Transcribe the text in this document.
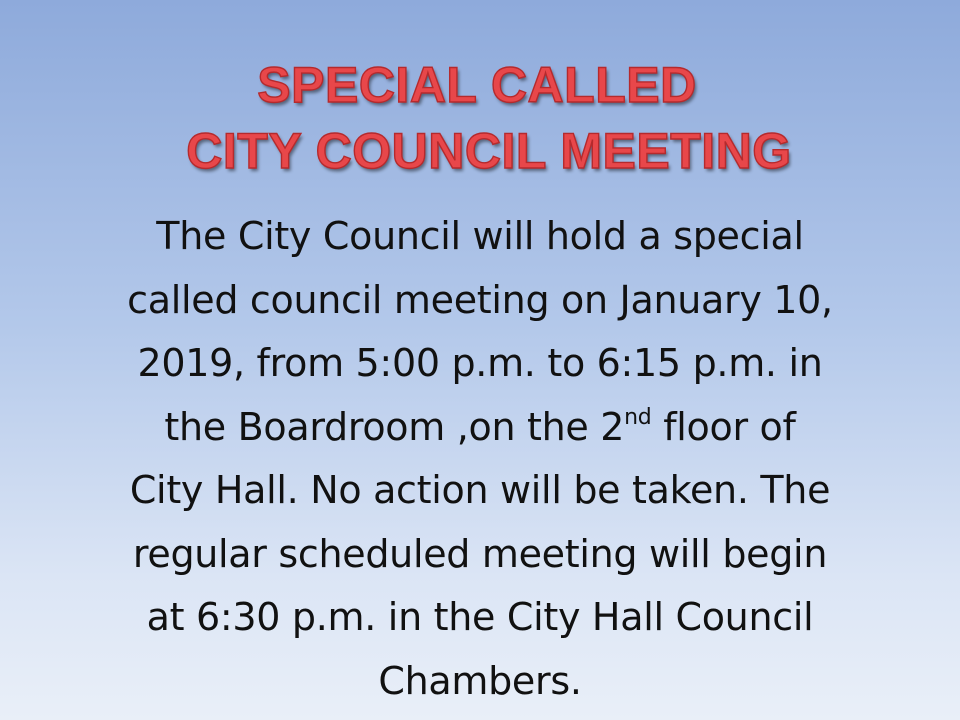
SPECIAL CALLED
CITY COUNCIL MEETING
The City Council will hold a special
called council meeting on January 10,
2019, from 5:00 p.m. to 6:15 p.m. in
the Boardroom ,on the 2nd floor of
City Hall. No action will be taken. The
regular scheduled meeting will begin
at 6:30 p.m. in the City Hall Council
Chambers.
